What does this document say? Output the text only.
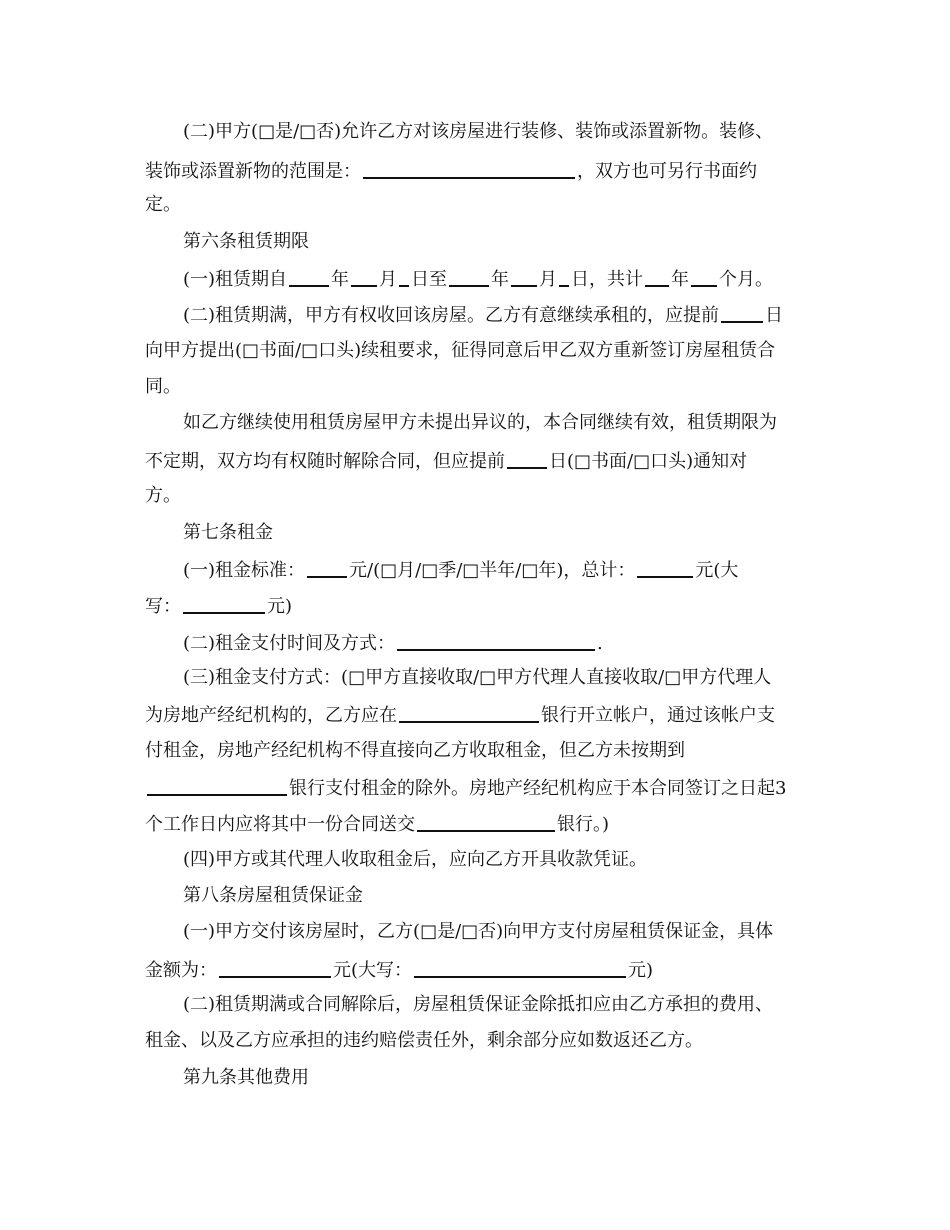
(二)甲方(□是/□否)允许乙方对该房屋进行装修、装饰或添置新物。装修、
装饰或添置新物的范围是：	，双方也可另行书面约
定。
第六条租赁期限
(一)租赁期自 年 月 日至 年 月 日，共计 年 个月。
(二)租赁期满，甲方有权收回该房屋。乙方有意继续承租的，应提前	日
向甲方提出(□书面/□口头)续租要求，征得同意后甲乙双方重新签订房屋租赁合
同。
如乙方继续使用租赁房屋甲方未提出异议的，本合同继续有效，租赁期限为
不定期，双方均有权随时解除合同，但应提前 日(□书面/□口头)通知对
方。
第七条租金
(一)租金标准： 元/(□月/□季/□半年/□年)，总计：	元(大
写：	元)
(二)租金支付时间及方式：	.
(三)租金支付方式：(□甲方直接收取/□甲方代理人直接收取/□甲方代理人
为房地产经纪机构的，乙方应在	银行开立帐户，通过该帐户支
付租金，房地产经纪机构不得直接向乙方收取租金，但乙方未按期到
银行支付租金的除外。房地产经纪机构应于本合同签订之日起3
个工作日内应将其中一份合同送交	银行。)
(四)甲方或其代理人收取租金后，应向乙方开具收款凭证。
第八条房屋租赁保证金
(一)甲方交付该房屋时，乙方(□是/□否)向甲方支付房屋租赁保证金，具体
金额为：	元(大写：	元)
(二)租赁期满或合同解除后，房屋租赁保证金除抵扣应由乙方承担的费用、
租金、以及乙方应承担的违约赔偿责任外，剩余部分应如数返还乙方。
第九条其他费用
